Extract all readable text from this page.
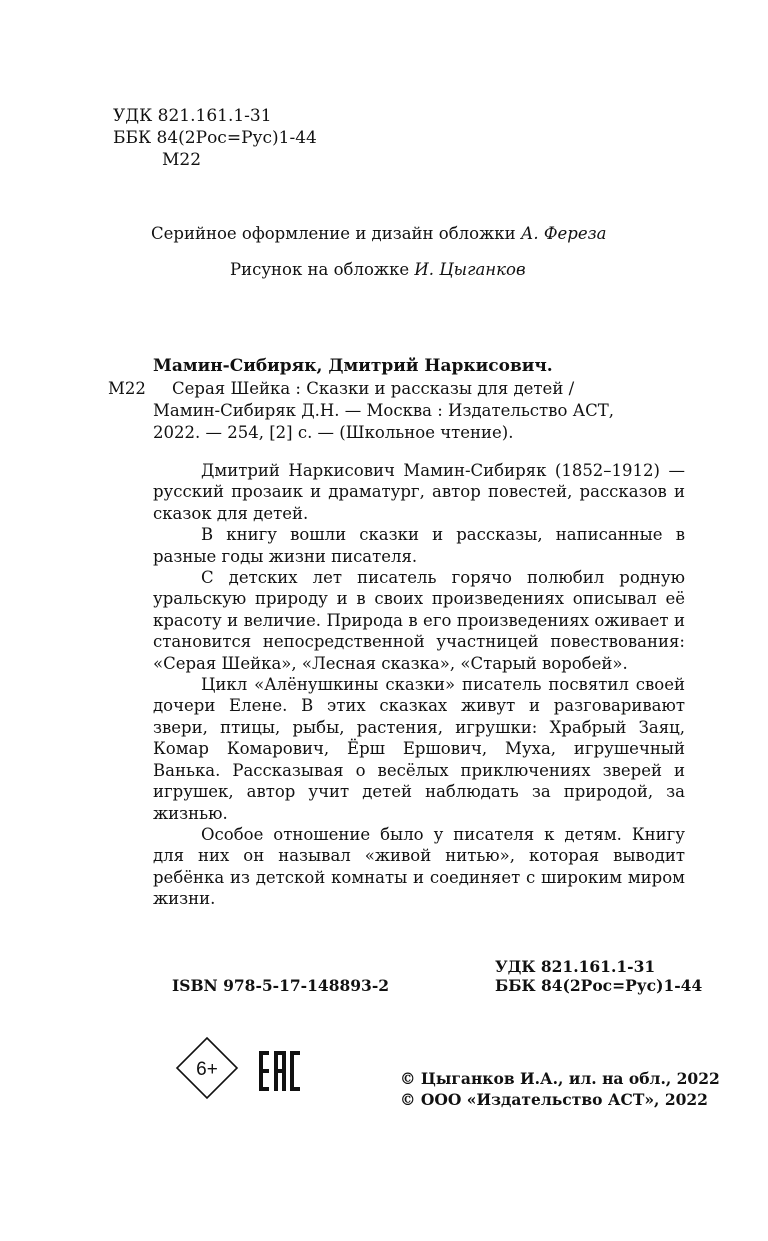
УДК 821.161.1-31
ББК 84(2Рос=Рус)1-44
М22
Серийное оформление и дизайн обложки А. Фереза
Рисунок на обложке И. Цыганков
Мамин-Сибиряк, Дмитрий Наркисович.
М22 Серая Шейка : Сказки и рассказы для детей /
Мамин-Сибиряк Д.Н. — Москва : Издательство АСТ,
2022. — 254, [2] с. — (Школьное чтение).

Дмитрий Наркисович Мамин-Сибиряк (1852–1912) — русский прозаик и драматург, автор повестей, рассказов и сказок для детей.

В книгу вошли сказки и рассказы, написанные в разные годы жизни писателя.

С детских лет писатель горячо полюбил родную уральскую природу и в своих произведениях описывал её красоту и величие. Природа в его произведениях оживает и становится непосредственной участницей повествования: «Серая Шейка», «Лесная сказка», «Старый воробей».

Цикл «Алёнушкины сказки» писатель посвятил своей дочери Елене. В этих сказках живут и разговаривают звери, птицы, рыбы, растения, игрушки: Храбрый Заяц, Комар Комарович, Ёрш Ершович, Муха, игрушечный Ванька. Рассказывая о весёлых приключениях зверей и игрушек, автор учит детей наблюдать за природой, за жизнью.

Особое отношение было у писателя к детям. Книгу для них он называл «живой нитью», которая выводит ребёнка из детской комнаты и соединяет с широким миром жизни.

ISBN 978-5-17-148893-2
УДК 821.161.1-31
ББК 84(2Рос=Рус)1-44
6+	© Цыганков И.А., ил. на обл., 2022
© ООО «Издательство АСТ», 2022
